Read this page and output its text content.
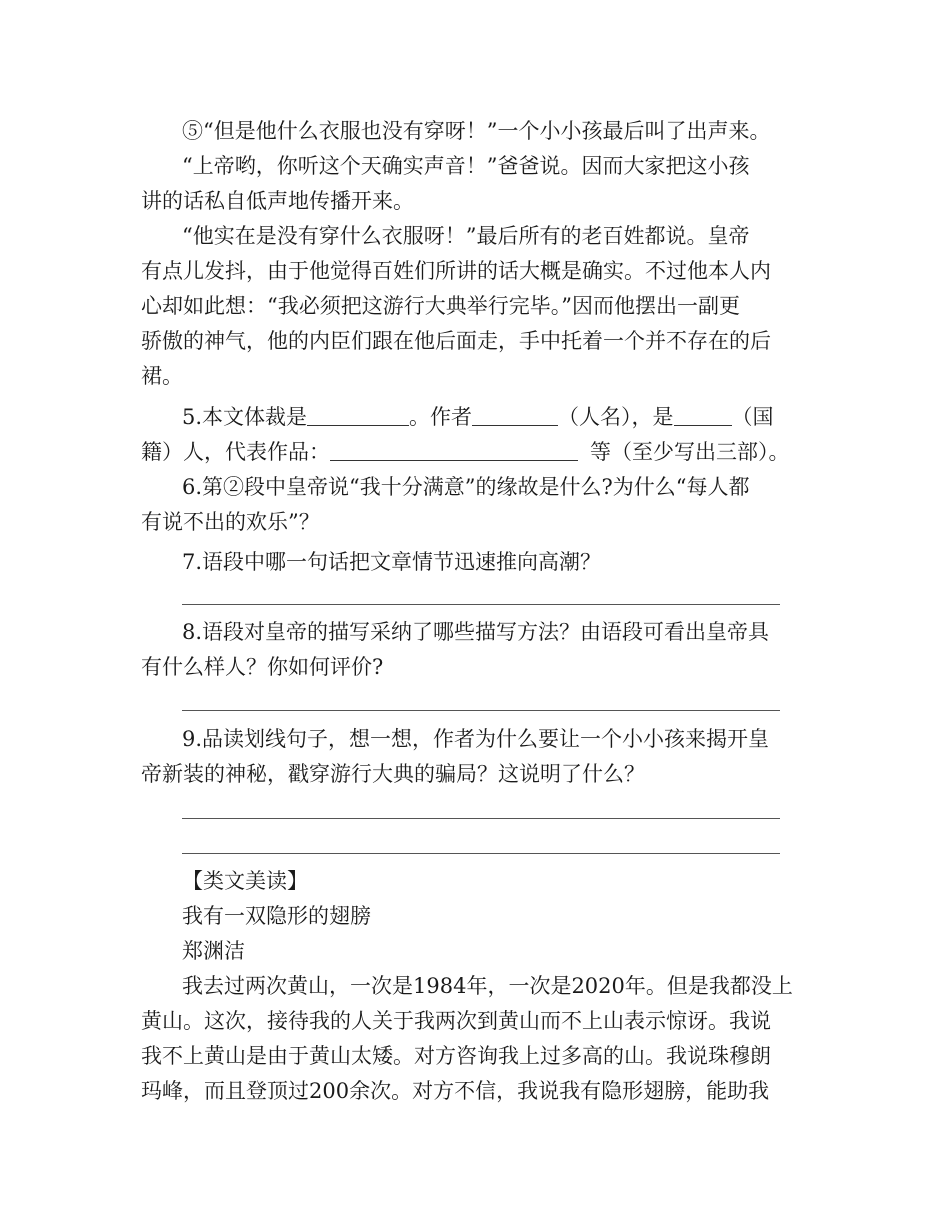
⑤“但是他什么衣服也没有穿呀！”一个小小孩最后叫了出声来。
“上帝哟，你听这个天确实声音！”爸爸说。因而大家把这小孩
讲的话私自低声地传播开来。
“他实在是没有穿什么衣服呀！”最后所有的老百姓都说。皇帝
有点儿发抖，由于他觉得百姓们所讲的话大概是确实。不过他本人内
心却如此想：“我必须把这游行大典举行完毕。”因而他摆出一副更
骄傲的神气，他的内臣们跟在他后面走，手中托着一个并不存在的后
裙。
5.本文体裁是	。作者	（人名），是	（国
籍）人，代表作品：	等（至少写出三部）。
6.第②段中皇帝说“我十分满意”的缘故是什么?为什么“每人都
有说不出的欢乐”？
7.语段中哪一句话把文章情节迅速推向高潮？
8.语段对皇帝的描写采纳了哪些描写方法？由语段可看出皇帝具
有什么样人？你如何评价?
9.品读划线句子，想一想，作者为什么要让一个小小孩来揭开皇
帝新装的神秘，戳穿游行大典的骗局？这说明了什么？
【类文美读】
我有一双隐形的翅膀
郑渊洁
我去过两次黄山，一次是1984年，一次是2020年。但是我都没上
黄山。这次，接待我的人关于我两次到黄山而不上山表示惊讶。我说
我不上黄山是由于黄山太矮。对方咨询我上过多高的山。我说珠穆朗
玛峰，而且登顶过200余次。对方不信，我说我有隐形翅膀，能助我
